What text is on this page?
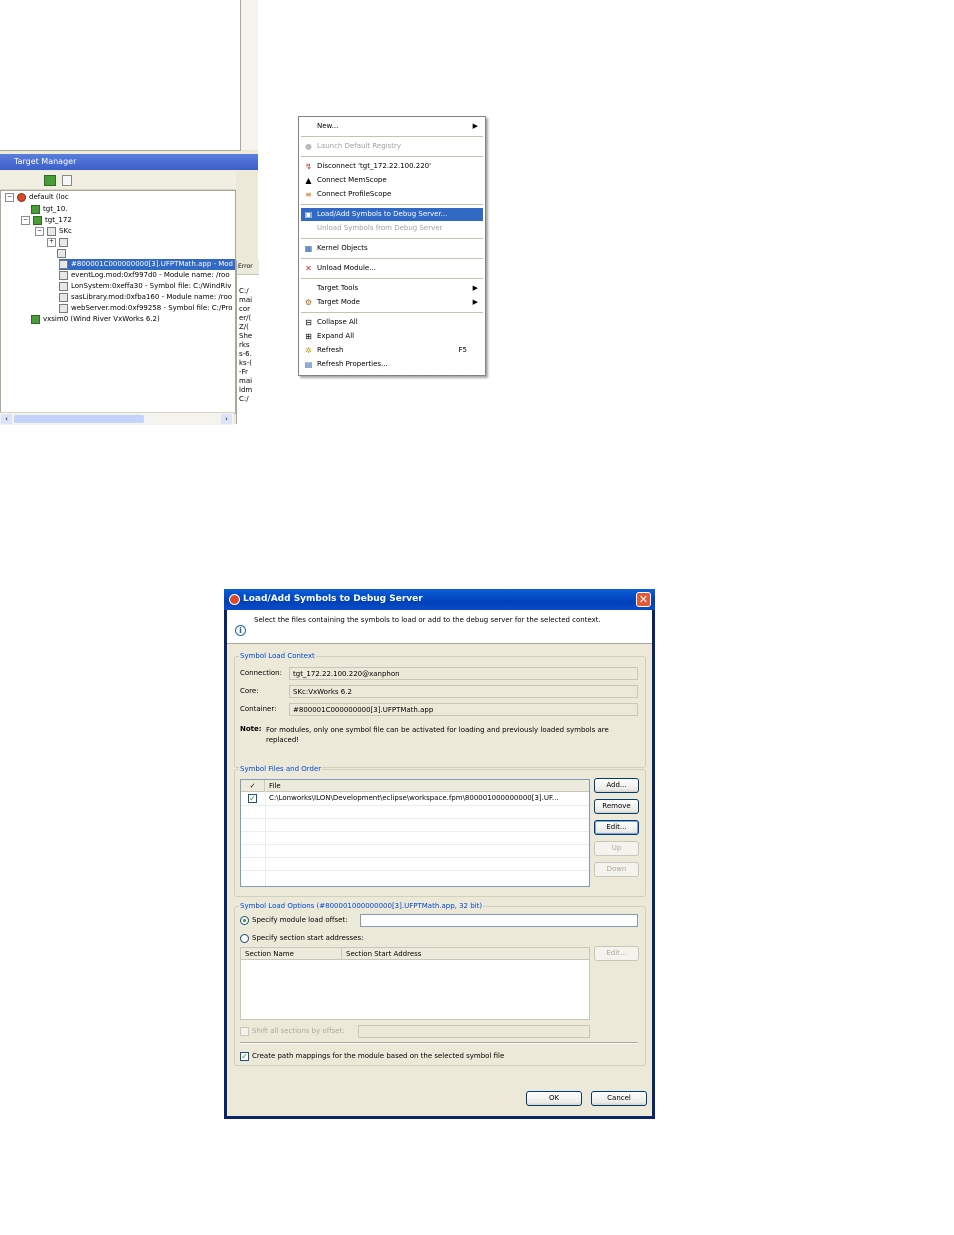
Target Manager
− default (loc
tgt_10.
− tgt_172
− SKc
+
#800001C000000000[3].UFPTMath.app - Mod
eventLog.mod:0xf997d0 - Module name: /roo
LonSystem:0xeffa30 - Symbol file: C:/WindRiv
sasLibrary.mod:0xfba160 - Module name: /roo
webServer.mod:0xf99258 - Symbol file: C:/Pro
vxsim0 (Wind River VxWorks 6.2)
‹	›
Error
C:/
mai
cor
er/(
Z/(
She
rks
s-6.
ks-(
-Fr
mai
ldm
C:/
New...	▶
● Launch Default Registry
↯ Disconnect 'tgt_172.22.100.220'
▲ Connect MemScope
≡ Connect ProfileScope
▣ Load/Add Symbols to Debug Server...
Unload Symbols from Debug Server
▦ Kernel Objects
✕ Unload Module...
Target Tools	▶
⚙ Target Mode	▶
⊟ Collapse All
⊞ Expand All
✲ Refresh	F5
▤ Refresh Properties...
Load/Add Symbols to Debug Server	✕
i
Select the files containing the symbols to load or add to the debug server for the selected context.
Symbol Load Context
Connection:	tgt_172.22.100.220@xanphon
Core:	SKc:VxWorks 6.2
Container:	#800001C000000000[3].UFPTMath.app
Note: For modules, only one symbol file can be activated for loading and previously loaded symbols are replaced!
Symbol Files and Order
✓	File
✓ C:\Lonworks\ILON\Development\eclipse\workspace.fpm\800001000000000[3].UF...
Add...
Remove
Edit...
Up
Down
Symbol Load Options (#800001000000000[3].UFPTMath.app, 32 bit)
Specify module load offset:
Specify section start addresses:
Section Name	Section Start Address	Edit...
Shift all sections by offset:
✓ Create path mappings for the module based on the selected symbol file
OK	Cancel
